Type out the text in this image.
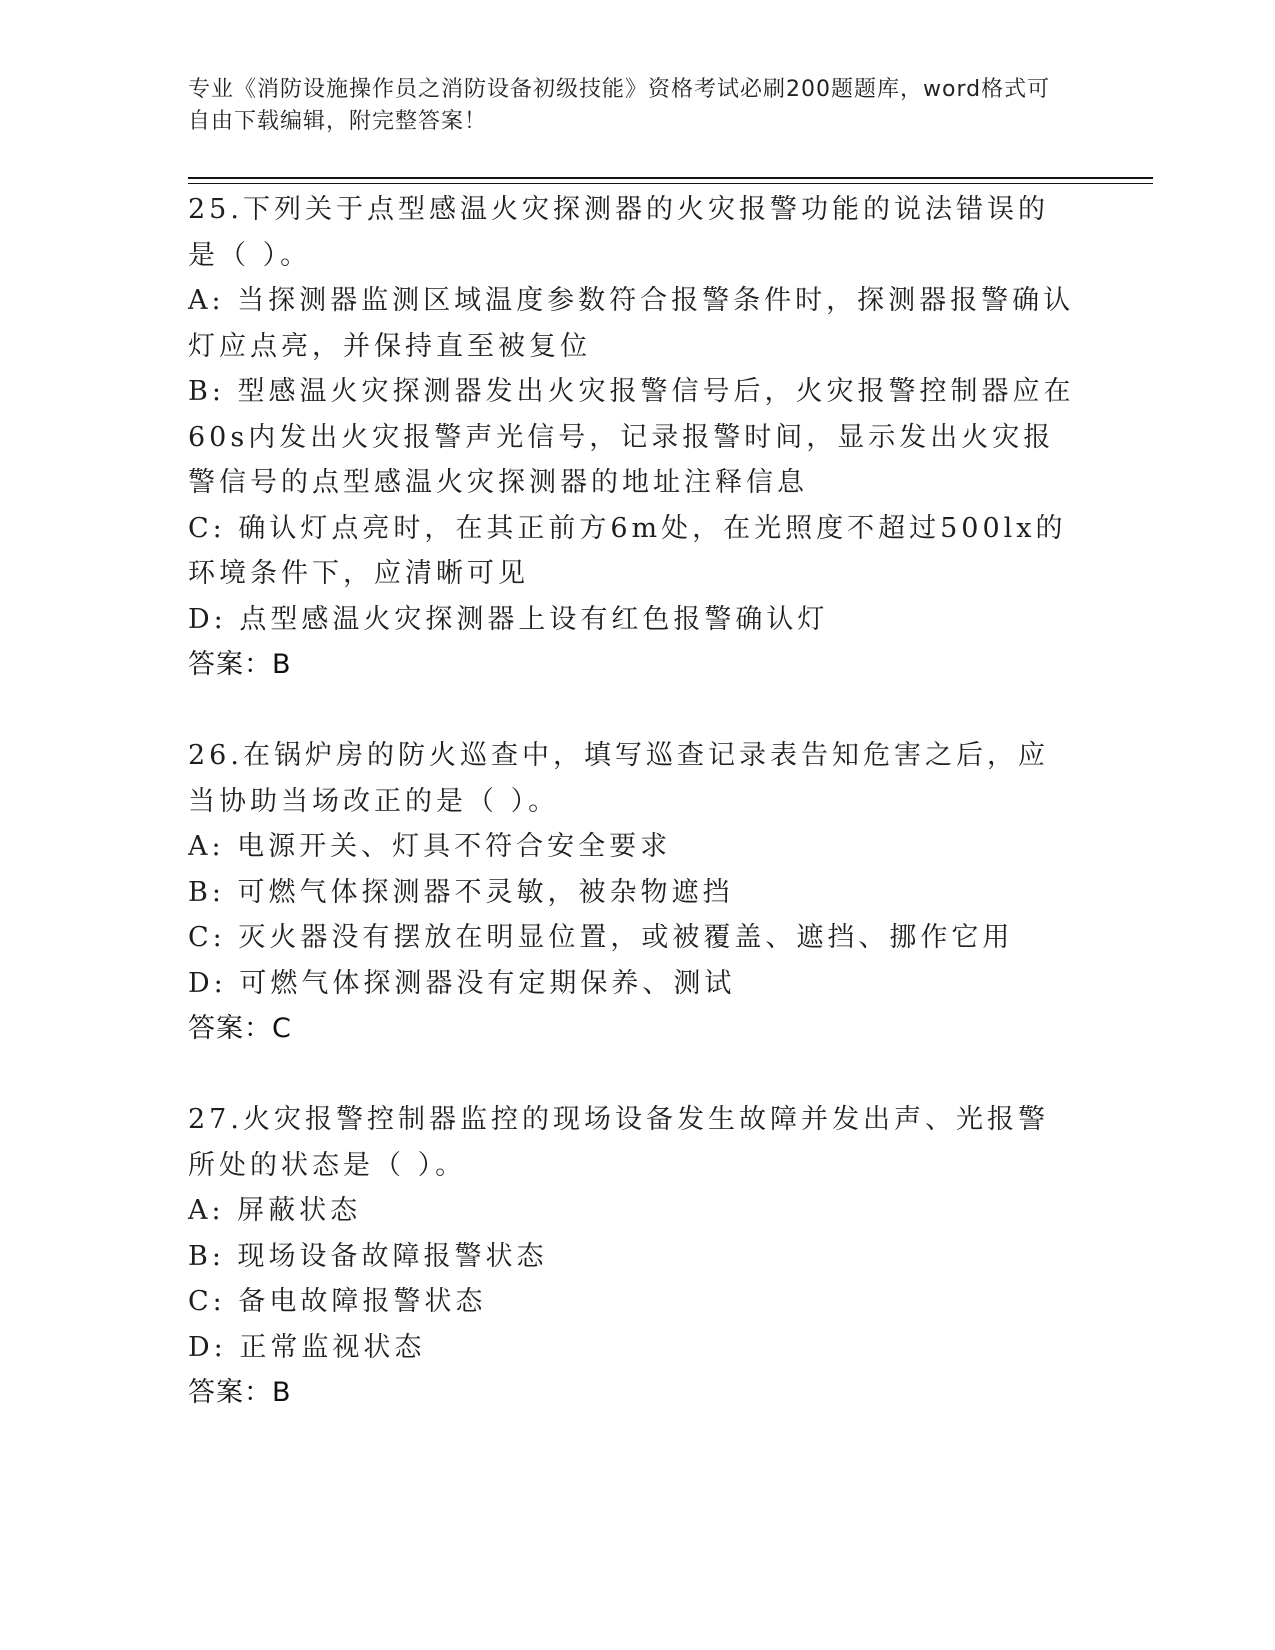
专业《消防设施操作员之消防设备初级技能》资格考试必刷200题题库，word格式可自由下载编辑，附完整答案！

25.下列关于点型感温火灾探测器的火灾报警功能的说法错误的是（ ）。

A: 当探测器监测区域温度参数符合报警条件时，探测器报警确认灯应点亮，并保持直至被复位

B: 型感温火灾探测器发出火灾报警信号后，火灾报警控制器应在60s内发出火灾报警声光信号，记录报警时间，显示发出火灾报警信号的点型感温火灾探测器的地址注释信息

C: 确认灯点亮时，在其正前方6m处，在光照度不超过500lx的环境条件下，应清晰可见

D: 点型感温火灾探测器上设有红色报警确认灯

答案：B

26.在锅炉房的防火巡查中，填写巡查记录表告知危害之后，应当协助当场改正的是（ ）。

A: 电源开关、灯具不符合安全要求

B: 可燃气体探测器不灵敏，被杂物遮挡

C: 灭火器没有摆放在明显位置，或被覆盖、遮挡、挪作它用

D: 可燃气体探测器没有定期保养、测试

答案：C

27.火灾报警控制器监控的现场设备发生故障并发出声、光报警所处的状态是（ ）。

A: 屏蔽状态

B: 现场设备故障报警状态

C: 备电故障报警状态

D: 正常监视状态

答案：B
